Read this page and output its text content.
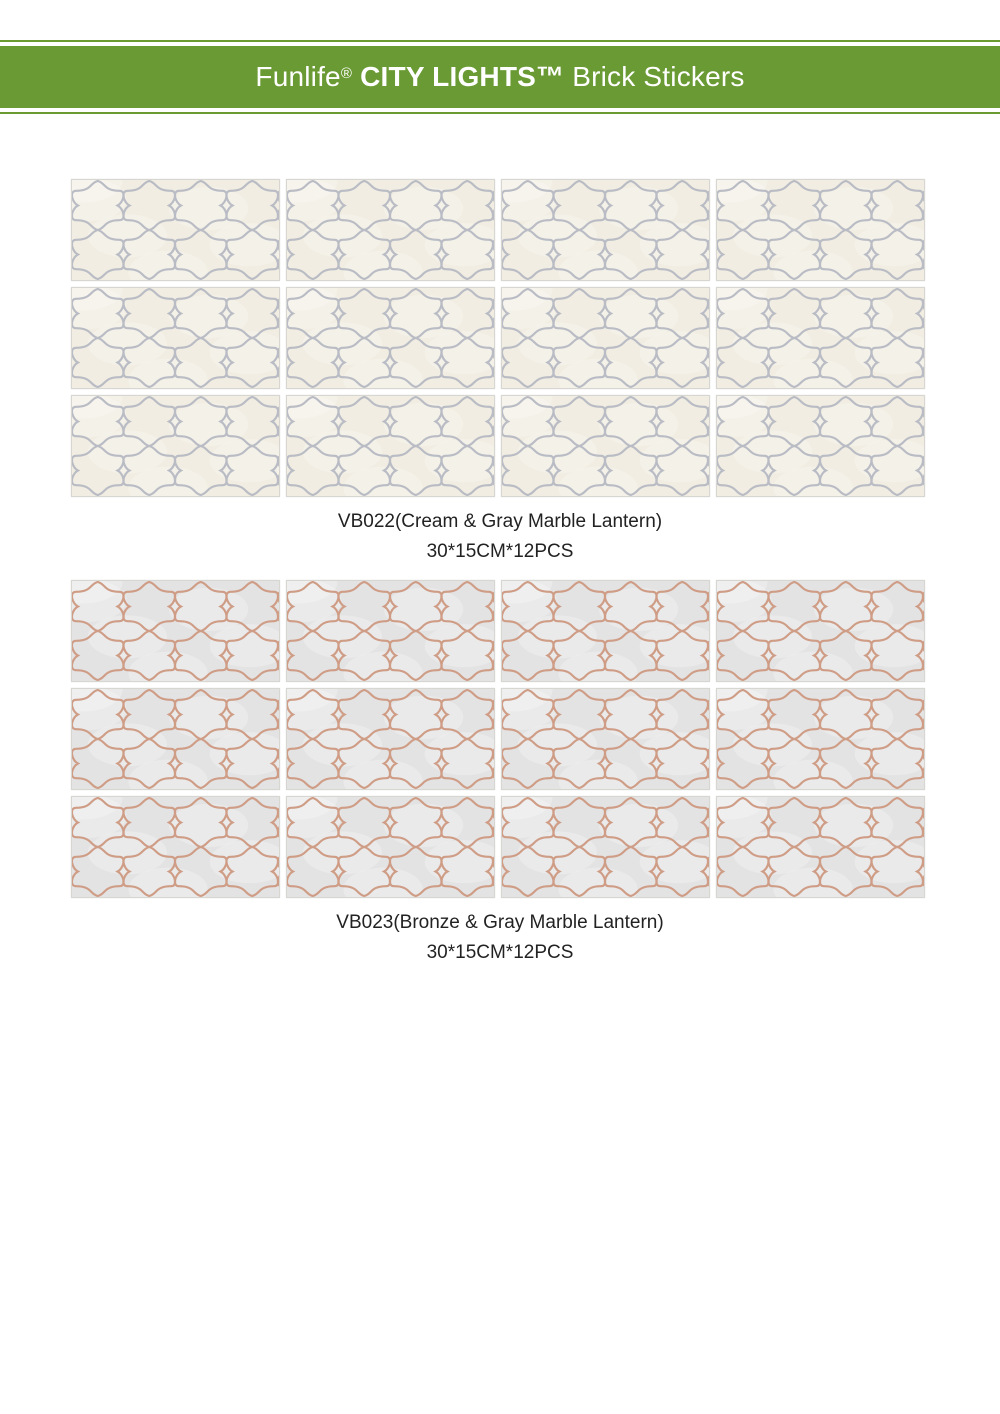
Funlife® CITY LIGHTS™ Brick Stickers
VB022(Cream & Gray Marble Lantern)
30*15CM*12PCS
VB023(Bronze & Gray Marble Lantern)
30*15CM*12PCS
